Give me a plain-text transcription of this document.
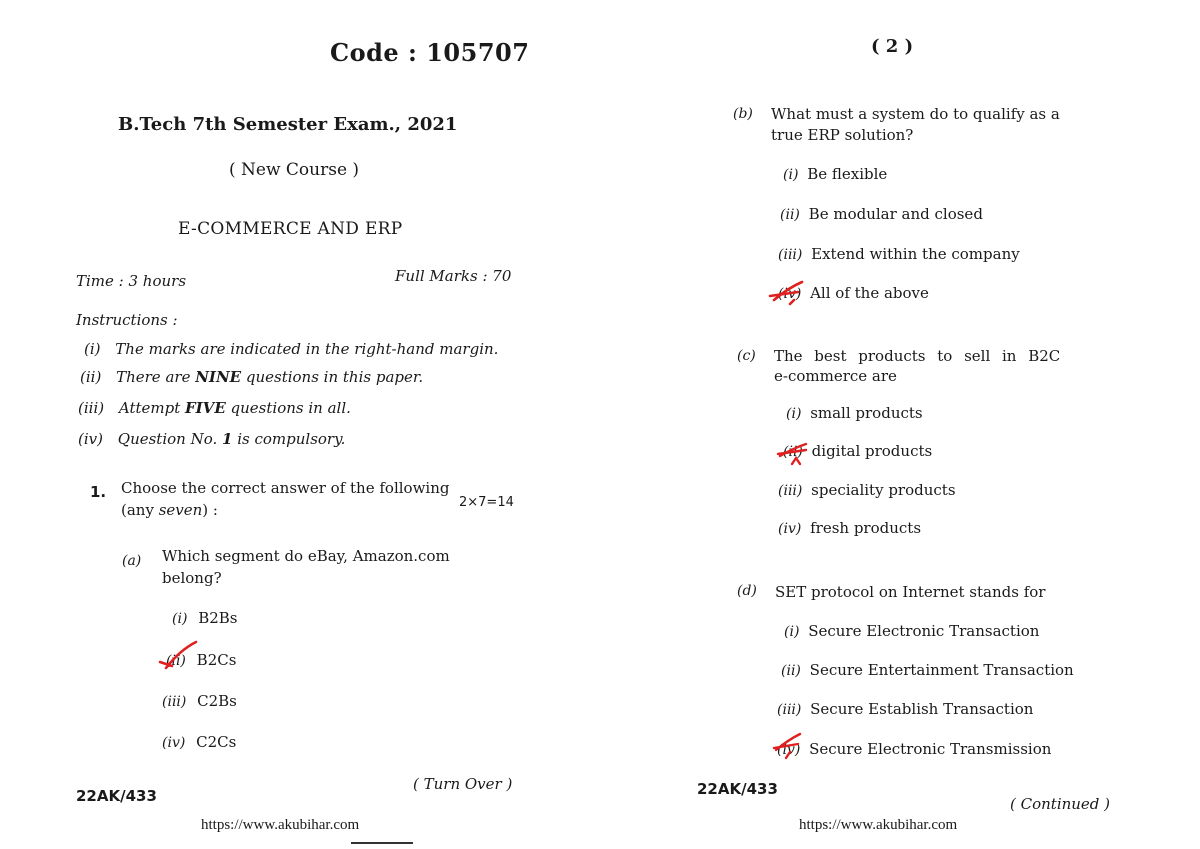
Code : 105707
B.Tech 7th Semester Exam., 2021
( New Course )
E-COMMERCE AND ERP
Time : 3 hours	Full Marks : 70
Instructions :
(i) The marks are indicated in the right-hand margin.
(ii) There are NINE questions in this paper.
(iii) Attempt FIVE questions in all.
(iv) Question No. 1 is compulsory.
1. Choose the correct answer of the following
(any seven) :	2×7=14
(a) Which segment do eBay, Amazon.com
belong?
(i) B2Bs
(ii) B2Cs
(iii) C2Bs
(iv) C2Cs
22AK/433
( Turn Over )
https://www.akubihar.com
( 2 )
(b) What must a system do to qualify as a
true ERP solution?
(i) Be flexible
(ii) Be modular and closed
(iii) Extend within the company
(iv) All of the above
(c) The best products to sell in B2C
e-commerce are
(i) small products
(ii) digital products
(iii) speciality products
(iv) fresh products
(d) SET protocol on Internet stands for
(i) Secure Electronic Transaction
(ii) Secure Entertainment Transaction
(iii) Secure Establish Transaction
(iv) Secure Electronic Transmission
22AK/433
( Continued )
https://www.akubihar.com
